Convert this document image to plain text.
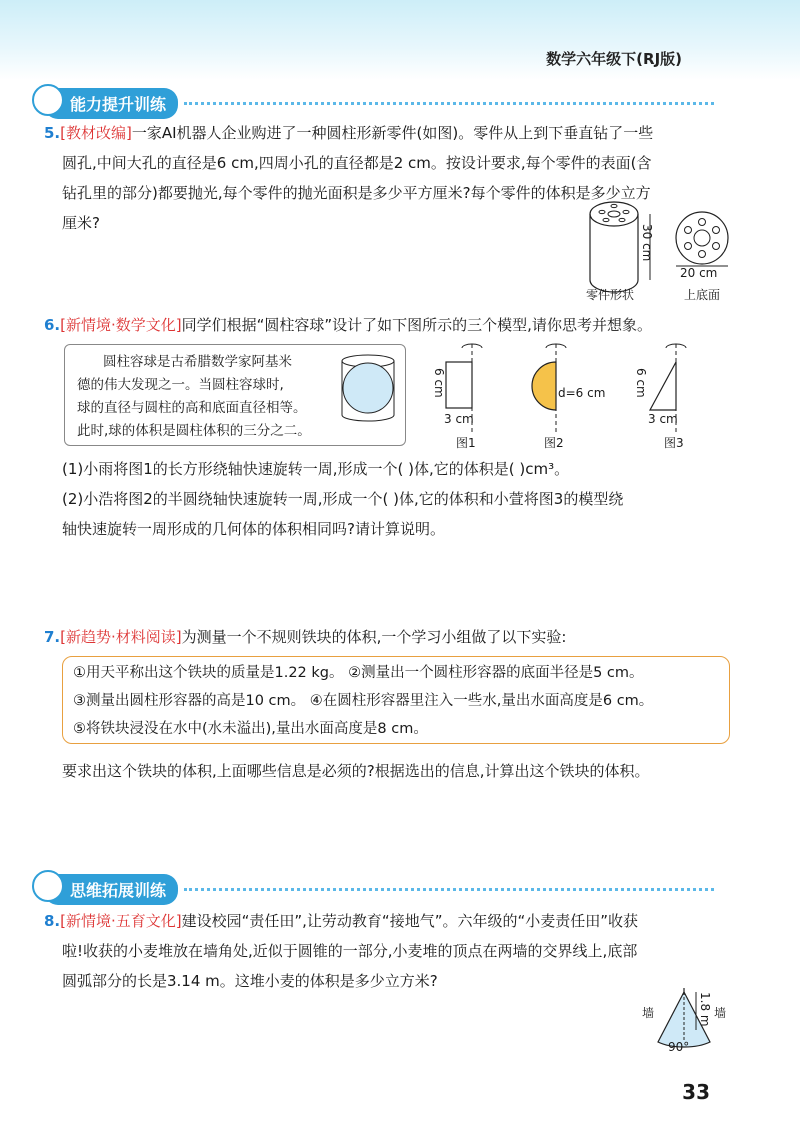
数学六年级下(RJ版)
能力提升训练
5.[教材改编]一家AI机器人企业购进了一种圆柱形新零件(如图)。零件从上到下垂直钻了一些
圆孔,中间大孔的直径是6 cm,四周小孔的直径都是2 cm。按设计要求,每个零件的表面(含
钻孔里的部分)都要抛光,每个零件的抛光面积是多少平方厘米?每个零件的体积是多少立方
厘米?
30 cm
20 cm
零件形状	上底面
6.[新情境·数学文化]同学们根据“圆柱容球”设计了如下图所示的三个模型,请你思考并想象。
圆柱容球是古希腊数学家阿基米
德的伟大发现之一。当圆柱容球时,
球的直径与圆柱的高和底面直径相等。
此时,球的体积是圆柱体积的三分之二。
6 cm
3 cm
d=6 cm 6 cm
3 cm
图1	图2	图3
(1)小雨将图1的长方形绕轴快速旋转一周,形成一个( )体,它的体积是( )cm³。
(2)小浩将图2的半圆绕轴快速旋转一周,形成一个( )体,它的体积和小萱将图3的模型绕
轴快速旋转一周形成的几何体的体积相同吗?请计算说明。
7.[新趋势·材料阅读]为测量一个不规则铁块的体积,一个学习小组做了以下实验:
①用天平称出这个铁块的质量是1.22 kg。 ②测量出一个圆柱形容器的底面半径是5 cm。
③测量出圆柱形容器的高是10 cm。 ④在圆柱形容器里注入一些水,量出水面高度是6 cm。
⑤将铁块浸没在水中(水未溢出),量出水面高度是8 cm。
要求出这个铁块的体积,上面哪些信息是必须的?根据选出的信息,计算出这个铁块的体积。
思维拓展训练
8.[新情境·五育文化]建设校园“责任田”,让劳动教育“接地气”。六年级的“小麦责任田”收获
啦!收获的小麦堆放在墙角处,近似于圆锥的一部分,小麦堆的顶点在两墙的交界线上,底部
圆弧部分的长是3.14 m。这堆小麦的体积是多少立方米?
墙	墙
1.8 m
90°
33
